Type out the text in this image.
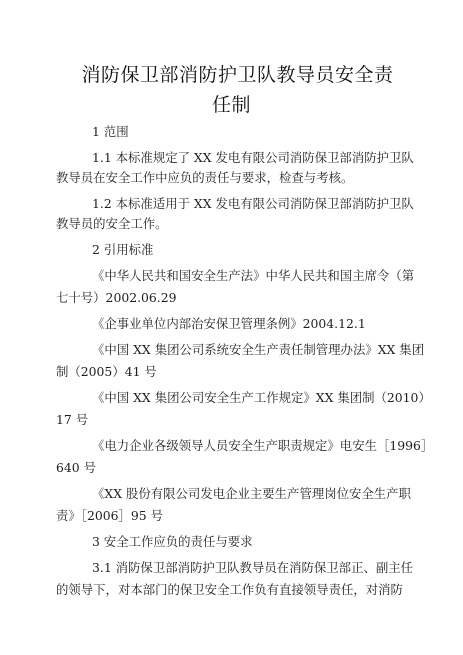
消防保卫部消防护卫队教导员安全责
任制
1 范围
1.1 本标准规定了 XX 发电有限公司消防保卫部消防护卫队
教导员在安全工作中应负的责任与要求，检查与考核。
1.2 本标准适用于 XX 发电有限公司消防保卫部消防护卫队
教导员的安全工作。
2 引用标准
《中华人民共和国安全生产法》中华人民共和国主席令（第
七十号）2002.06.29
《企事业单位内部治安保卫管理条例》2004.12.1
《中国 XX 集团公司系统安全生产责任制管理办法》XX 集团
制（2005）41 号
《中国 XX 集团公司安全生产工作规定》XX 集团制（2010）
17 号
《电力企业各级领导人员安全生产职责规定》电安生［1996］
640 号
《XX 股份有限公司发电企业主要生产管理岗位安全生产职
责》［2006］95 号
3 安全工作应负的责任与要求
3.1 消防保卫部消防护卫队教导员在消防保卫部正、副主任
的领导下，对本部门的保卫安全工作负有直接领导责任，对消防
